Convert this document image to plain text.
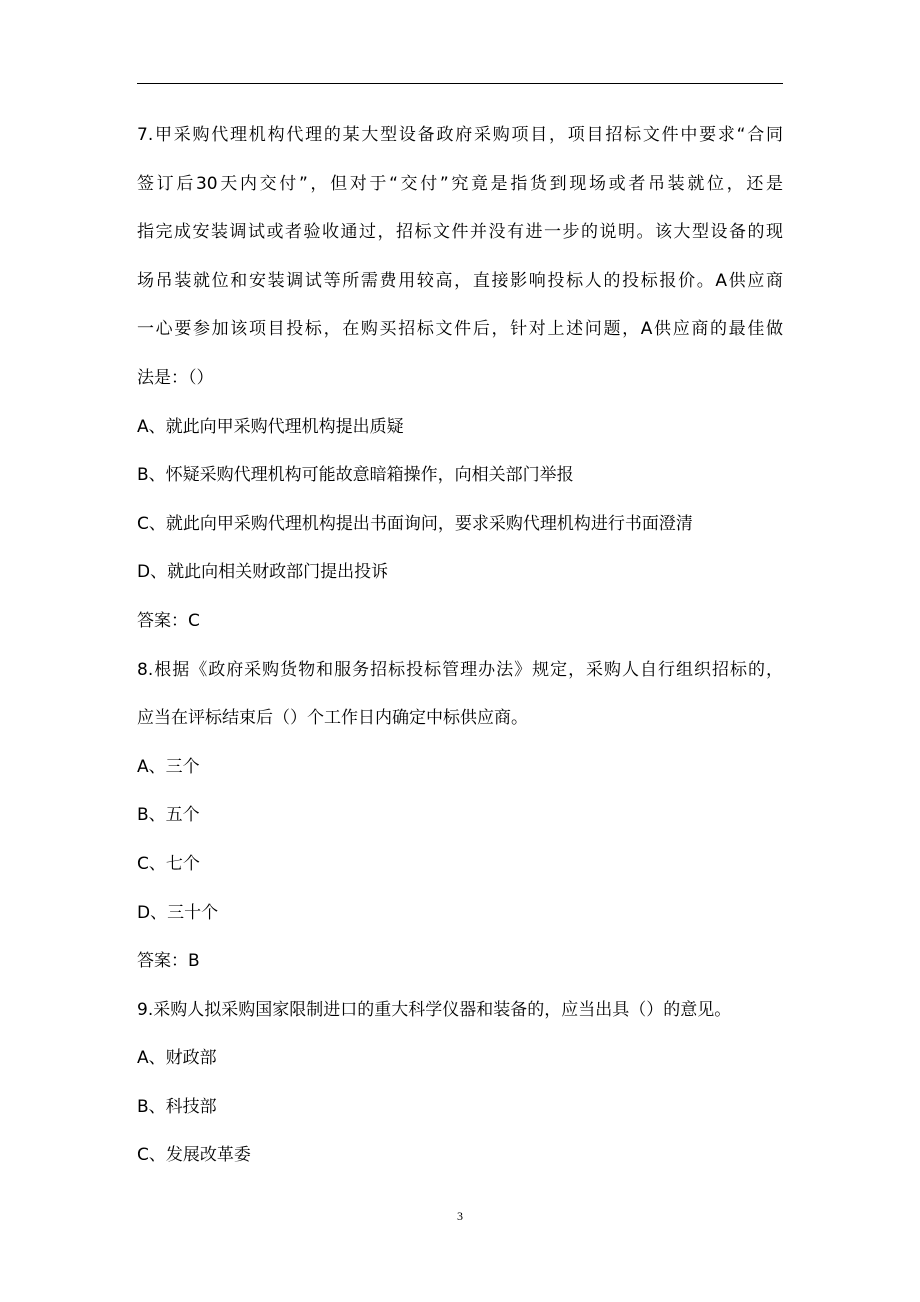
7.甲采购代理机构代理的某大型设备政府采购项目，项目招标文件中要求“合同
签订后30天内交付”，但对于“交付”究竟是指货到现场或者吊装就位，还是
指完成安装调试或者验收通过，招标文件并没有进一步的说明。该大型设备的现
场吊装就位和安装调试等所需费用较高，直接影响投标人的投标报价。A供应商
一心要参加该项目投标，在购买招标文件后，针对上述问题，A供应商的最佳做
法是：（）
A、就此向甲采购代理机构提出质疑
B、怀疑采购代理机构可能故意暗箱操作，向相关部门举报
C、就此向甲采购代理机构提出书面询问，要求采购代理机构进行书面澄清
D、就此向相关财政部门提出投诉
答案：C
8.根据《政府采购货物和服务招标投标管理办法》规定，采购人自行组织招标的，
应当在评标结束后（）个工作日内确定中标供应商。
A、三个
B、五个
C、七个
D、三十个
答案：B
9.采购人拟采购国家限制进口的重大科学仪器和装备的，应当出具（）的意见。
A、财政部
B、科技部
C、发展改革委
3
